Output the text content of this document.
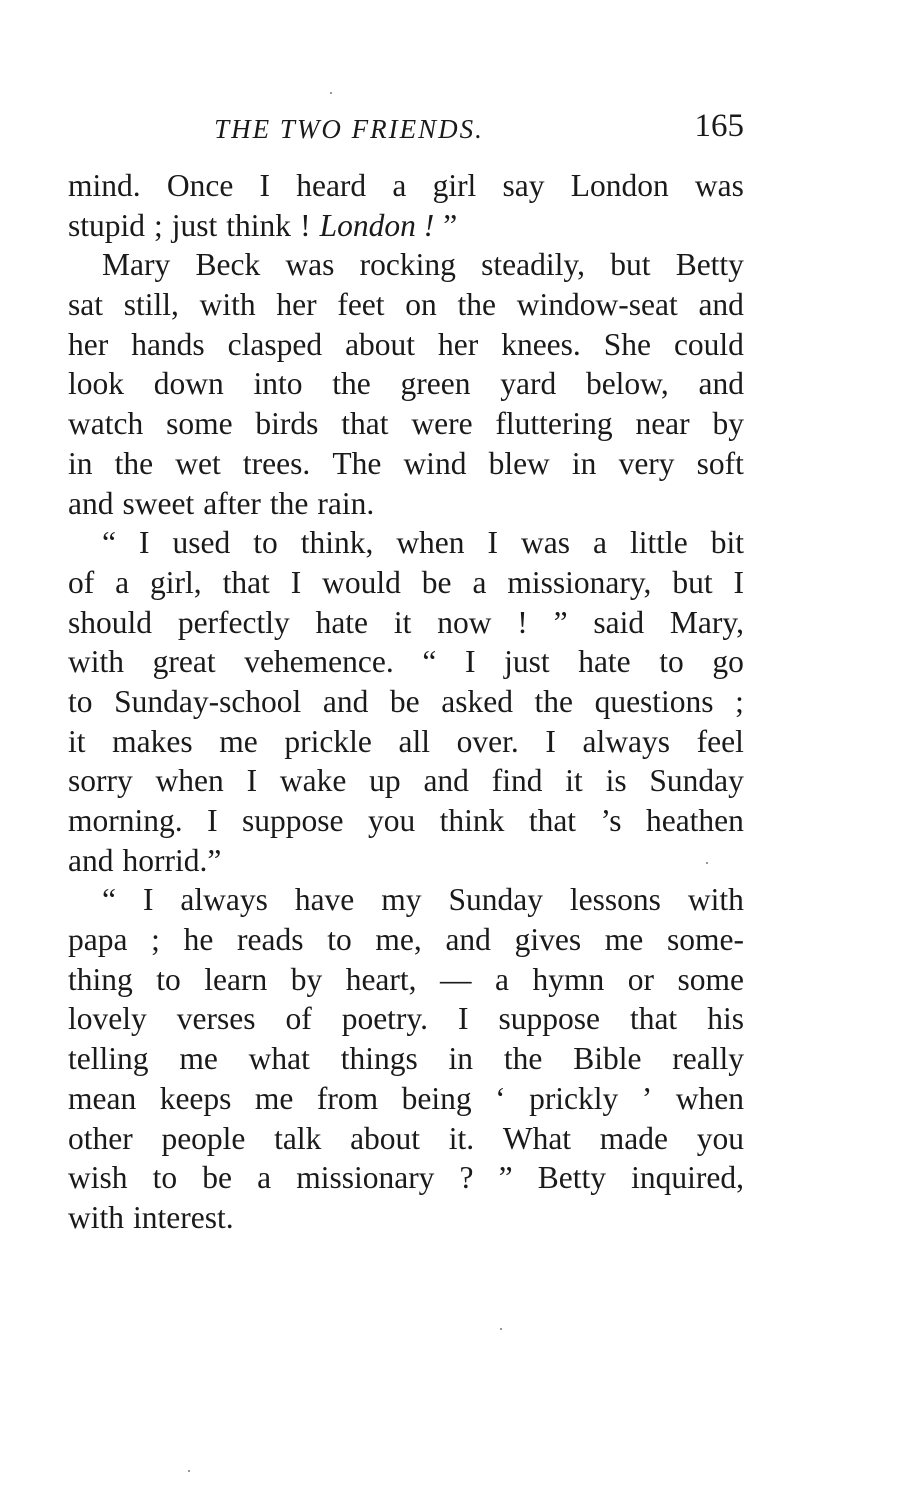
THE TWO FRIENDS.	165
mind. Once I heard a girl say London was
stupid ; just think ! London ! ”
Mary Beck was rocking steadily, but Betty
sat still, with her feet on the window-seat and
her hands clasped about her knees. She could
look down into the green yard below, and
watch some birds that were fluttering near by
in the wet trees. The wind blew in very soft
and sweet after the rain.
“ I used to think, when I was a little bit
of a girl, that I would be a missionary, but I
should perfectly hate it now ! ” said Mary,
with great vehemence. “ I just hate to go
to Sunday-school and be asked the questions ;
it makes me prickle all over. I always feel
sorry when I wake up and find it is Sunday
morning. I suppose you think that ’s heathen
and horrid.”
“ I always have my Sunday lessons with
papa ; he reads to me, and gives me some-
thing to learn by heart, — a hymn or some
lovely verses of poetry. I suppose that his
telling me what things in the Bible really
mean keeps me from being ‘ prickly ’ when
other people talk about it. What made you
wish to be a missionary ? ” Betty inquired,
with interest.
